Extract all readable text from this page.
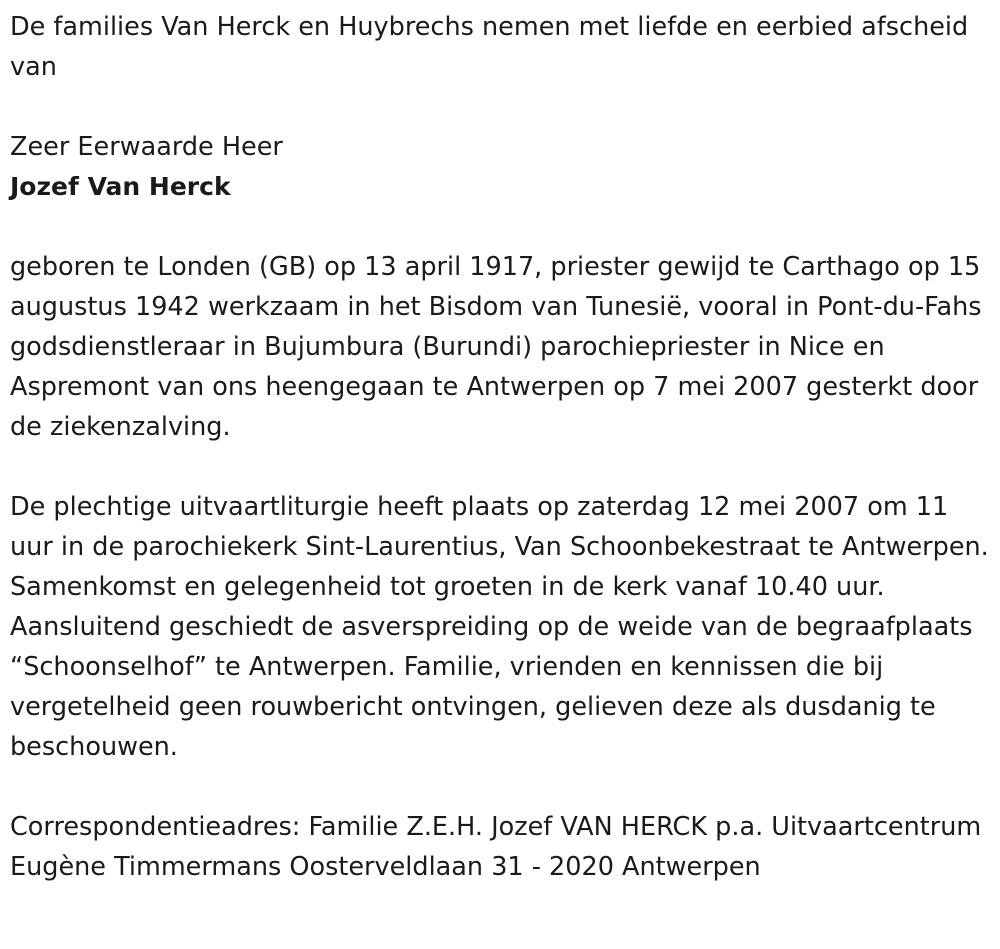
De families Van Herck en Huybrechs nemen met liefde en eerbied afscheid van

Zeer Eerwaarde Heer

Jozef Van Herck

geboren te Londen (GB) op 13 april 1917, priester gewijd te Carthago op 15 augustus 1942 werkzaam in het Bisdom van Tunesië, vooral in Pont-du-Fahs godsdienstleraar in Bujumbura (Burundi) parochiepriester in Nice en Aspremont van ons heengegaan te Antwerpen op 7 mei 2007 gesterkt door de ziekenzalving.

De plechtige uitvaartliturgie heeft plaats op zaterdag 12 mei 2007 om 11 uur in de parochiekerk Sint-Laurentius, Van Schoonbekestraat te Antwerpen. Samenkomst en gelegenheid tot groeten in de kerk vanaf 10.40 uur. Aansluitend geschiedt de asverspreiding op de weide van de begraafplaats “Schoonselhof” te Antwerpen. Familie, vrienden en kennissen die bij vergetelheid geen rouwbericht ontvingen, gelieven deze als dusdanig te beschouwen.

Correspondentieadres: Familie Z.E.H. Jozef VAN HERCK p.a. Uitvaartcentrum Eugène Timmermans Oosterveldlaan 31 - 2020 Antwerpen
